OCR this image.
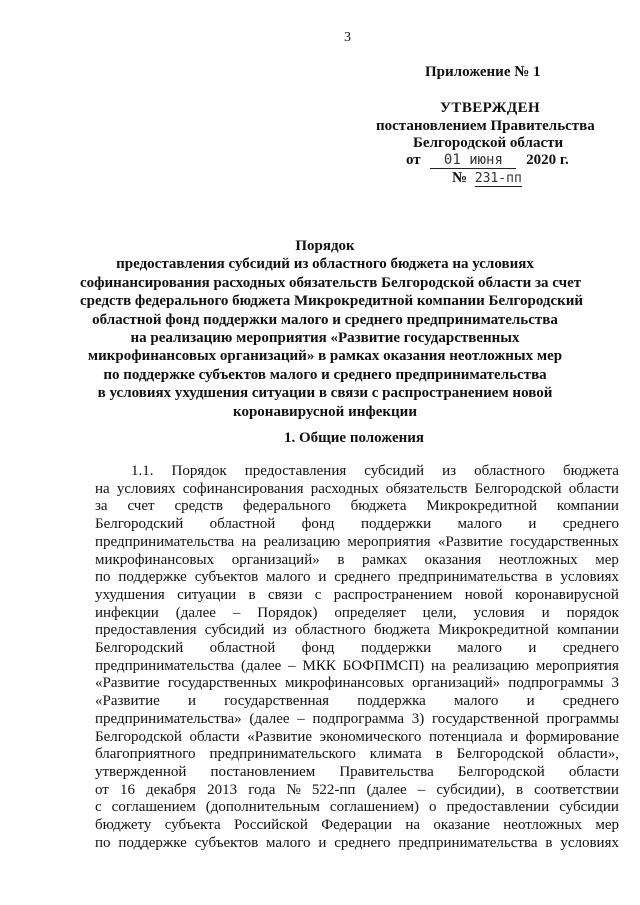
3
Приложение № 1
УТВЕРЖДЕН
постановлением Правительства
Белгородской области
от 01 июня 2020 г.
№ 231-пп
Порядок
предоставления субсидий из областного бюджета на условиях
софинансирования расходных обязательств Белгородской области за счет
средств федерального бюджета Микрокредитной компании Белгородский
областной фонд поддержки малого и среднего предпринимательства
на реализацию мероприятия «Развитие государственных
микрофинансовых организаций» в рамках оказания неотложных мер
по поддержке субъектов малого и среднего предпринимательства
в условиях ухудшения ситуации в связи с распространением новой
коронавирусной инфекции
1. Общие положения
1.1. Порядок предоставления субсидий из областного бюджета
на условиях софинансирования расходных обязательств Белгородской области
за счет средств федерального бюджета Микрокредитной компании
Белгородский областной фонд поддержки малого и среднего
предпринимательства на реализацию мероприятия «Развитие государственных
микрофинансовых организаций» в рамках оказания неотложных мер
по поддержке субъектов малого и среднего предпринимательства в условиях
ухудшения ситуации в связи с распространением новой коронавирусной
инфекции (далее – Порядок) определяет цели, условия и порядок
предоставления субсидий из областного бюджета Микрокредитной компании
Белгородский областной фонд поддержки малого и среднего
предпринимательства (далее – МКК БОФПМСП) на реализацию мероприятия
«Развитие государственных микрофинансовых организаций» подпрограммы 3
«Развитие и государственная поддержка малого и среднего
предпринимательства» (далее – подпрограмма 3) государственной программы
Белгородской области «Развитие экономического потенциала и формирование
благоприятного предпринимательского климата в Белгородской области»,
утвержденной постановлением Правительства Белгородской области
от 16 декабря 2013 года № 522-пп (далее – субсидии), в соответствии
с соглашением (дополнительным соглашением) о предоставлении субсидии
бюджету субъекта Российской Федерации на оказание неотложных мер
по поддержке субъектов малого и среднего предпринимательства в условиях
